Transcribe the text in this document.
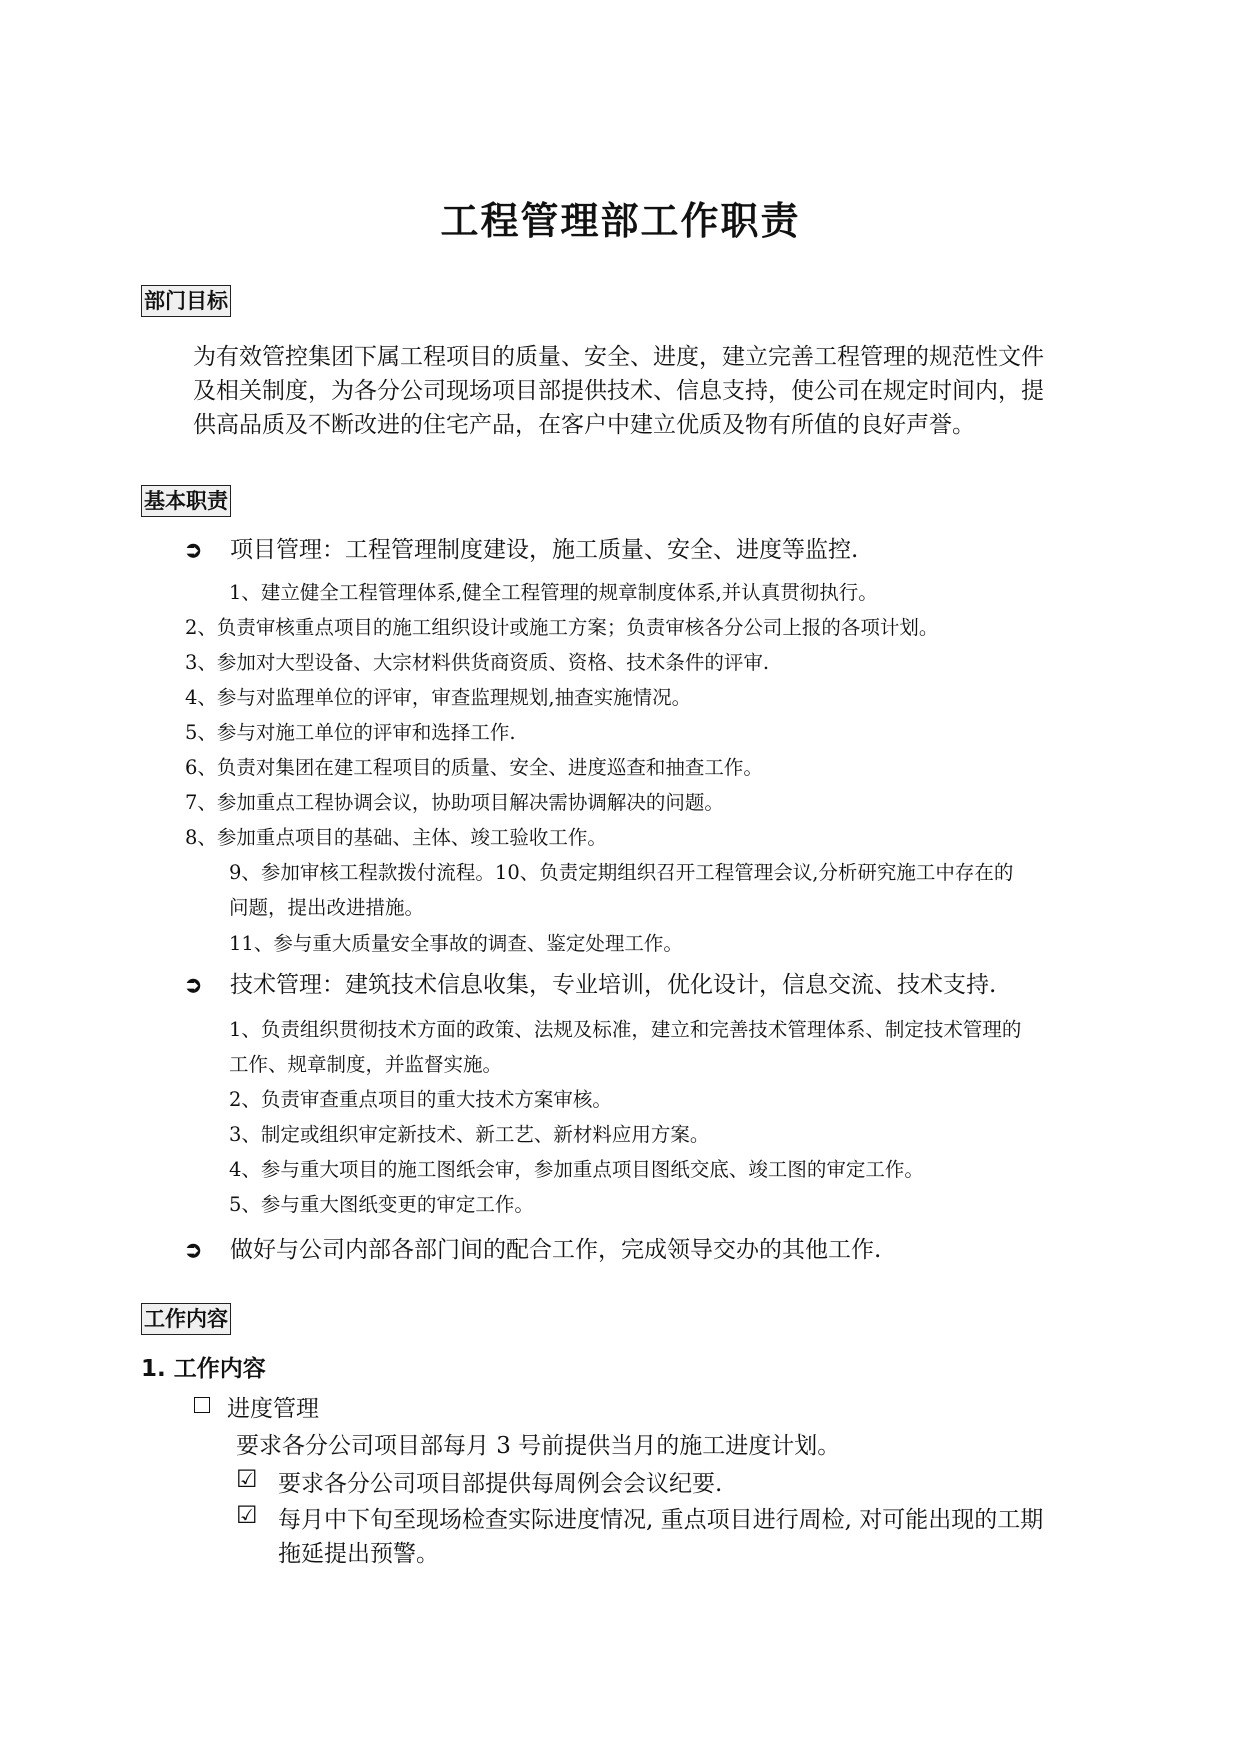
工程管理部工作职责
部门目标
为有效管控集团下属工程项目的质量、安全、进度，建立完善工程管理的规范性文件
及相关制度，为各分公司现场项目部提供技术、信息支持，使公司在规定时间内，提
供高品质及不断改进的住宅产品，在客户中建立优质及物有所值的良好声誉。
基本职责
➲ 项目管理：工程管理制度建设，施工质量、安全、进度等监控.
1、建立健全工程管理体系,健全工程管理的规章制度体系,并认真贯彻执行。
2、负责审核重点项目的施工组织设计或施工方案；负责审核各分公司上报的各项计划。
3、参加对大型设备、大宗材料供货商资质、资格、技术条件的评审.
4、参与对监理单位的评审，审查监理规划,抽查实施情况。
5、参与对施工单位的评审和选择工作.
6、负责对集团在建工程项目的质量、安全、进度巡查和抽查工作。
7、参加重点工程协调会议，协助项目解决需协调解决的问题。
8、参加重点项目的基础、主体、竣工验收工作。
9、参加审核工程款拨付流程。10、负责定期组织召开工程管理会议,分析研究施工中存在的
问题，提出改进措施。
11、参与重大质量安全事故的调查、鉴定处理工作。
➲ 技术管理：建筑技术信息收集，专业培训，优化设计，信息交流、技术支持.
1、负责组织贯彻技术方面的政策、法规及标准，建立和完善技术管理体系、制定技术管理的
工作、规章制度，并监督实施。
2、负责审查重点项目的重大技术方案审核。
3、制定或组织审定新技术、新工艺、新材料应用方案。
4、参与重大项目的施工图纸会审，参加重点项目图纸交底、竣工图的审定工作。
5、参与重大图纸变更的审定工作。
➲ 做好与公司内部各部门间的配合工作，完成领导交办的其他工作.
工作内容
1. 工作内容
进度管理
要求各分公司项目部每月 3 号前提供当月的施工进度计划。
☑ 要求各分公司项目部提供每周例会会议纪要.
☑ 每月中下旬至现场检查实际进度情况, 重点项目进行周检, 对可能出现的工期
拖延提出预警。
